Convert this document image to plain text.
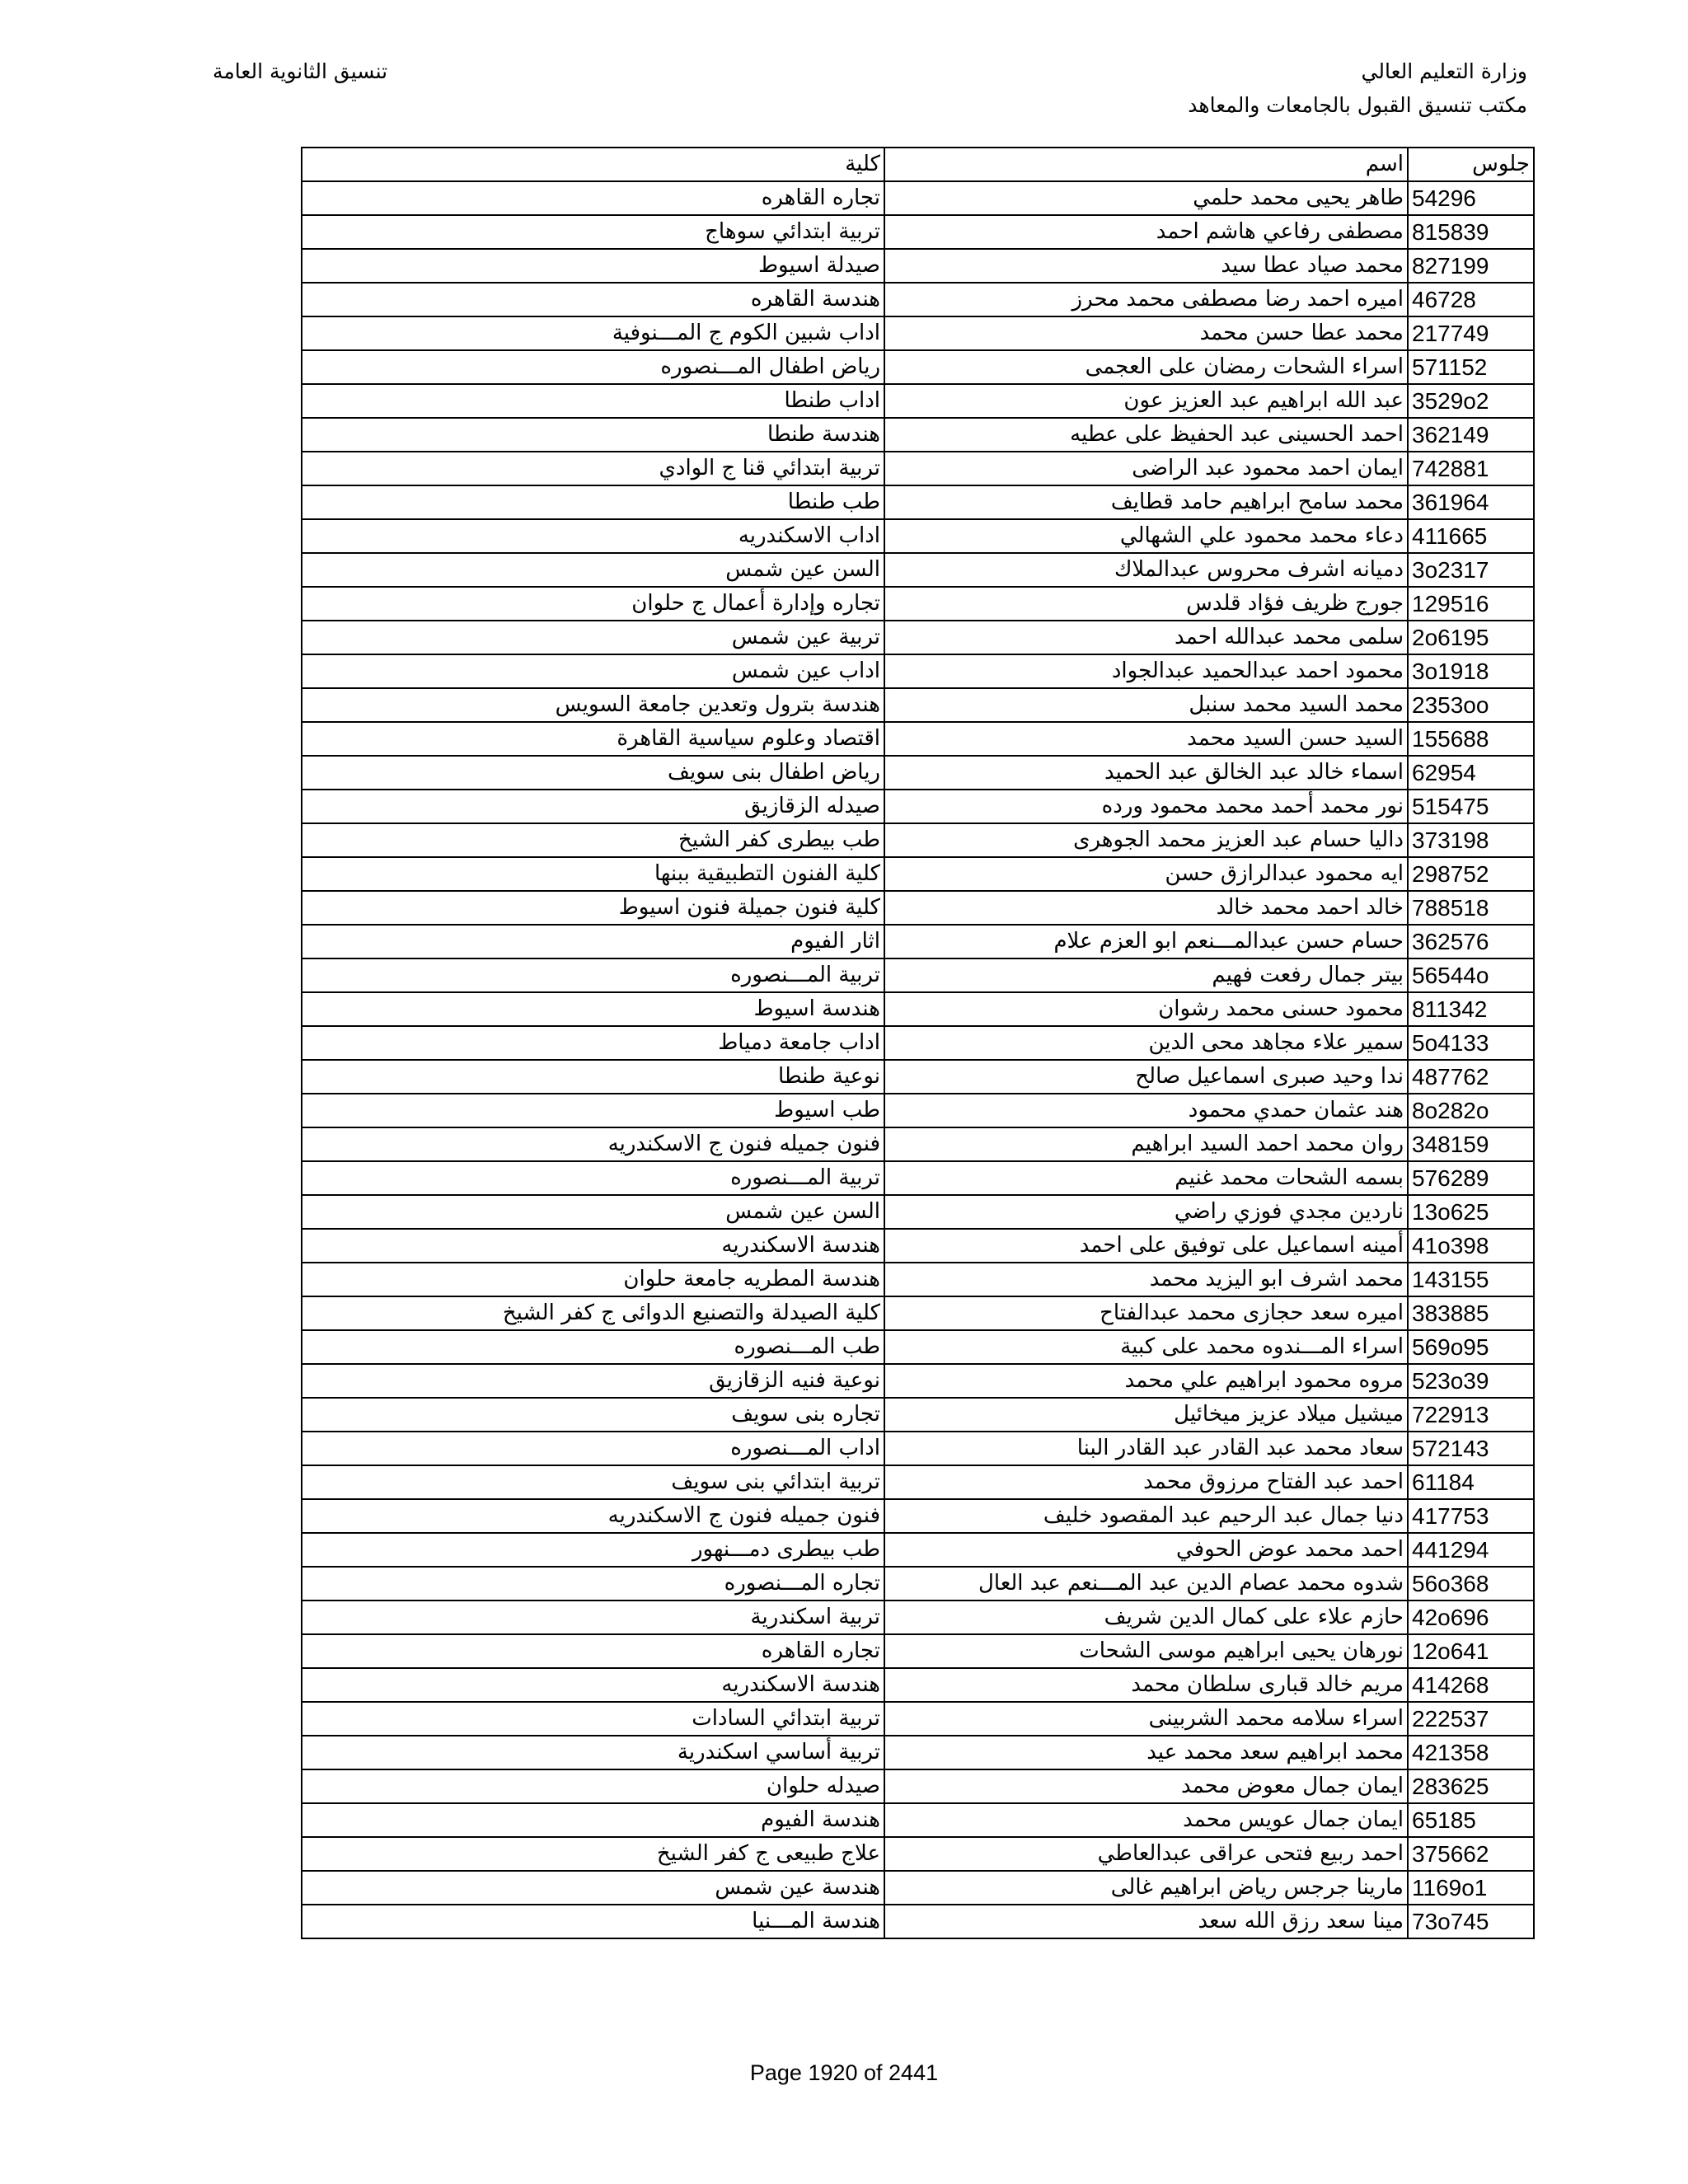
وزارة التعليم العالي
مكتب تنسيق القبول بالجامعات والمعاهد
تنسيق الثانوية العامة
جلوس	اسم	كلية
54296	طاهر يحيى محمد حلمي	تجاره القاهره
815839	مصطفى رفاعي هاشم احمد	تربية ابتدائي سوهاج
827199	محمد صياد عطا سيد	صيدلة اسيوط
46728	اميره احمد رضا مصطفى محمد محرز	هندسة القاهره
217749	محمد عطا حسن محمد	اداب شبين الكوم ج المـــنوفية
571152	اسراء الشحات رمضان على العجمى	رياض اطفال المـــنصوره
3529o2	عبد الله ابراهيم عبد العزيز عون	اداب طنطا
362149	احمد الحسينى عبد الحفيظ على عطيه	هندسة طنطا
742881	ايمان احمد محمود عبد الراضى	تربية ابتدائي قنا ج الوادي
361964	محمد سامح ابراهيم حامد قطايف	طب طنطا
411665	دعاء محمد محمود علي الشهالي	اداب الاسكندريه
3o2317	دميانه اشرف محروس عبدالملاك	السن عين شمس
129516	جورج ظريف فؤاد قلدس	تجاره وإدارة أعمال ج حلوان
2o6195	سلمى محمد عبدالله احمد	تربية عين شمس
3o1918	محمود احمد عبدالحميد عبدالجواد	اداب عين شمس
2353oo	محمد السيد محمد سنبل	هندسة بترول وتعدين جامعة السويس
155688	السيد حسن السيد محمد	اقتصاد وعلوم سياسية القاهرة
62954	اسماء خالد عبد الخالق عبد الحميد	رياض اطفال بنى سويف
515475	نور محمد أحمد محمد محمود ورده	صيدله الزقازيق
373198	داليا حسام عبد العزيز محمد الجوهرى	طب بيطرى كفر الشيخ
298752	ايه محمود عبدالرازق حسن	كلية الفنون التطبيقية ببنها
788518	خالد احمد محمد خالد	كلية فنون جميلة فنون اسيوط
362576	حسام حسن عبدالمـــنعم ابو العزم علام	اثار الفيوم
56544o	بيتر جمال رفعت فهيم	تربية المـــنصوره
811342	محمود حسنى محمد رشوان	هندسة اسيوط
5o4133	سمير علاء مجاهد محى الدين	اداب جامعة دمياط
487762	ندا وحيد صبرى اسماعيل صالح	نوعية طنطا
8o282o	هند عثمان حمدي محمود	طب اسيوط
348159	روان محمد احمد السيد ابراهيم	فنون جميله فنون ج الاسكندريه
576289	بسمه الشحات محمد غنيم	تربية المـــنصوره
13o625	ناردين مجدي فوزي راضي	السن عين شمس
41o398	أمينه اسماعيل على توفيق على احمد	هندسة الاسكندريه
143155	محمد اشرف ابو اليزيد محمد	هندسة المطريه جامعة حلوان
383885	اميره سعد حجازى محمد عبدالفتاح	كلية الصيدلة والتصنيع الدوائى ج كفر الشيخ
569o95	اسراء المـــندوه محمد على كبية	طب المـــنصوره
523o39	مروه محمود ابراهيم علي محمد	نوعية فنيه الزقازيق
722913	ميشيل ميلاد عزيز ميخائيل	تجاره بنى سويف
572143	سعاد محمد عبد القادر عبد القادر البنا	اداب المـــنصوره
61184	احمد عبد الفتاح مرزوق محمد	تربية ابتدائي بنى سويف
417753	دنيا جمال عبد الرحيم عبد المقصود خليف	فنون جميله فنون ج الاسكندريه
441294	احمد محمد عوض الحوفي	طب بيطرى دمـــنهور
56o368	شدوه محمد عصام الدين عبد المـــنعم عبد العال	تجاره المـــنصوره
42o696	حازم علاء على كمال الدين شريف	تربية اسكندرية
12o641	نورهان يحيى ابراهيم موسى الشحات	تجاره القاهره
414268	مريم خالد قبارى سلطان محمد	هندسة الاسكندريه
222537	اسراء سلامه محمد الشربينى	تربية ابتدائي السادات
421358	محمد ابراهيم سعد محمد عيد	تربية أساسي اسكندرية
283625	ايمان جمال معوض محمد	صيدله حلوان
65185	ايمان جمال عويس محمد	هندسة الفيوم
375662	احمد ربيع فتحى عراقى عبدالعاطي	علاج طبيعى ج كفر الشيخ
1169o1	مارينا جرجس رياض ابراهيم غالى	هندسة عين شمس
73o745	مينا سعد رزق الله سعد	هندسة المـــنيا
Page 1920 of 2441
